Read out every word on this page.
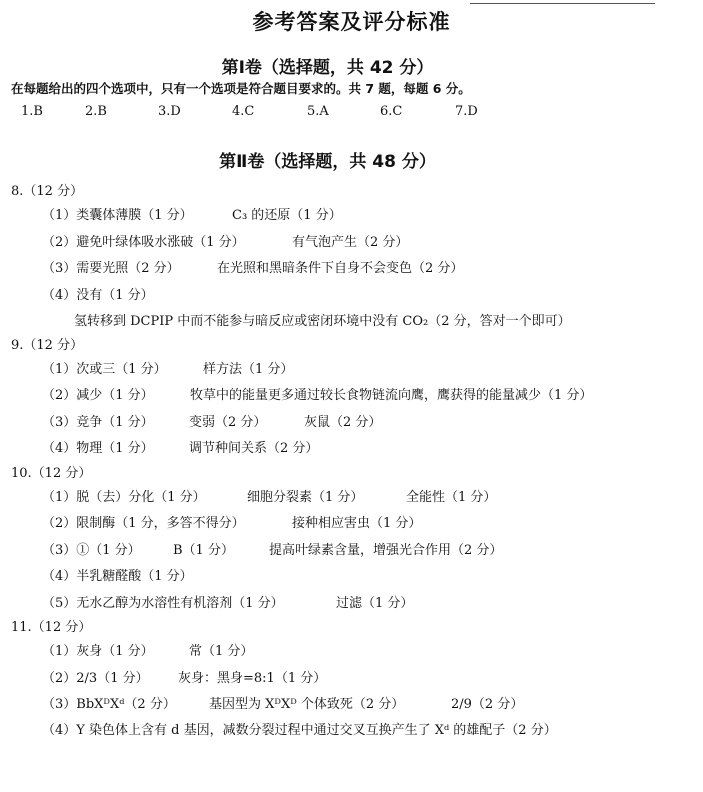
参考答案及评分标准
第Ⅰ卷（选择题，共 42 分）
在每题给出的四个选项中，只有一个选项是符合题目要求的。共 7 题，每题 6 分。
1.B	2.B	3.D	4.C	5.A	6.C	7.D
第Ⅱ卷（选择题，共 48 分）
8.（12 分）
（1）类囊体薄膜（1 分）	C₃ 的还原（1 分）
（2）避免叶绿体吸水涨破（1 分）	有气泡产生（2 分）
（3）需要光照（2 分）	在光照和黑暗条件下自身不会变色（2 分）
（4）没有（1 分）
氢转移到 DCPIP 中而不能参与暗反应或密闭环境中没有 CO₂（2 分，答对一个即可）
9.（12 分）
（1）次或三（1 分）	样方法（1 分）
（2）减少（1 分）	牧草中的能量更多通过较长食物链流向鹰，鹰获得的能量减少（1 分）
（3）竞争（1 分）	变弱（2 分）	灰鼠（2 分）
（4）物理（1 分）	调节种间关系（2 分）
10.（12 分）
（1）脱（去）分化（1 分）	细胞分裂素（1 分）	全能性（1 分）
（2）限制酶（1 分，多答不得分）	接种相应害虫（1 分）
（3）①（1 分） B（1 分）	提高叶绿素含量，增强光合作用（2 分）
（4）半乳糖醛酸（1 分）
（5）无水乙醇为水溶性有机溶剂（1 分）	过滤（1 分）
11.（12 分）
（1）灰身（1 分）	常（1 分）
（2）2/3（1 分） 灰身：黑身=8:1（1 分）
（3）BbXᴰXᵈ（2 分）	基因型为 XᴰXᴰ 个体致死（2 分）	2/9（2 分）
（4）Y 染色体上含有 d 基因，减数分裂过程中通过交叉互换产生了 Xᵈ 的雄配子（2 分）
